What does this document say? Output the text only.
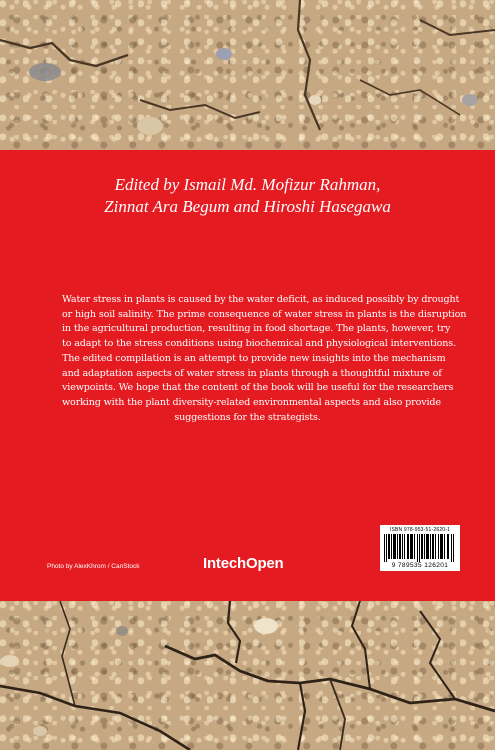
Edited by Ismail Md. Mofizur Rahman,
Zinnat Ara Begum and Hiroshi Hasegawa
Water stress in plants is caused by the water deficit, as induced possibly by drought
or high soil salinity. The prime consequence of water stress in plants is the disruption
in the agricultural production, resulting in food shortage. The plants, however, try
to adapt to the stress conditions using biochemical and physiological interventions.
The edited compilation is an attempt to provide new insights into the mechanism
and adaptation aspects of water stress in plants through a thoughtful mixture of
viewpoints. We hope that the content of the book will be useful for the researchers
working with the plant diversity-related environmental aspects and also provide
suggestions for the strategists.
ISBN 978-953-51-2620-1
9 789535 126201
Photo by AlexKhrom / CanStock	IntechOpen
